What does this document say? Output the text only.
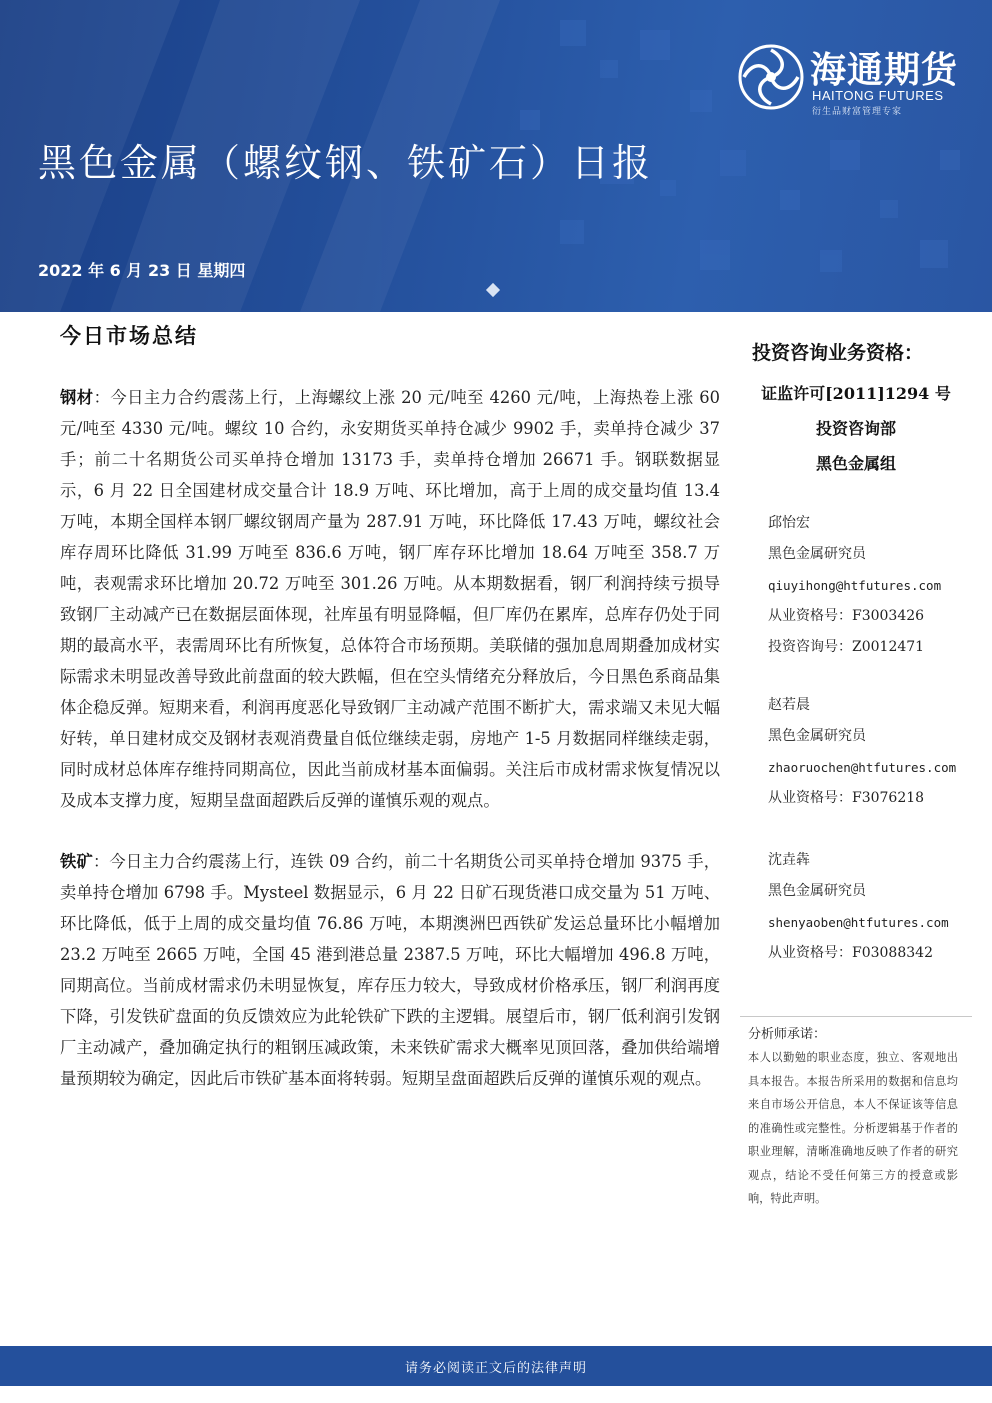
海通期货
HAITONG FUTURES
衍生品财富管理专家
黑色金属（螺纹钢、铁矿石）日报
2022 年 6 月 23 日 星期四
今日市场总结

钢材：今日主力合约震荡上行，上海螺纹上涨 20 元/吨至 4260 元/吨，上海热卷上涨 60 元/吨至 4330 元/吨。螺纹 10 合约，永安期货买单持仓减少 9902 手，卖单持仓减少 37 手；前二十名期货公司买单持仓增加 13173 手，卖单持仓增加 26671 手。钢联数据显示，6 月 22 日全国建材成交量合计 18.9 万吨、环比增加，高于上周的成交量均值 13.4 万吨，本期全国样本钢厂螺纹钢周产量为 287.91 万吨，环比降低 17.43 万吨，螺纹社会库存周环比降低 31.99 万吨至 836.6 万吨，钢厂库存环比增加 18.64 万吨至 358.7 万吨，表观需求环比增加 20.72 万吨至 301.26 万吨。从本期数据看，钢厂利润持续亏损导致钢厂主动减产已在数据层面体现，社库虽有明显降幅，但厂库仍在累库，总库存仍处于同期的最高水平，表需周环比有所恢复，总体符合市场预期。美联储的强加息周期叠加成材实际需求未明显改善导致此前盘面的较大跌幅，但在空头情绪充分释放后，今日黑色系商品集体企稳反弹。短期来看，利润再度恶化导致钢厂主动减产范围不断扩大，需求端又未见大幅好转，单日建材成交及钢材表观消费量自低位继续走弱，房地产 1-5 月数据同样继续走弱，同时成材总体库存维持同期高位，因此当前成材基本面偏弱。关注后市成材需求恢复情况以及成本支撑力度，短期呈盘面超跌后反弹的谨慎乐观的观点。

铁矿：今日主力合约震荡上行，连铁 09 合约，前二十名期货公司买单持仓增加 9375 手，卖单持仓增加 6798 手。Mysteel 数据显示，6 月 22 日矿石现货港口成交量为 51 万吨、环比降低，低于上周的成交量均值 76.86 万吨，本期澳洲巴西铁矿发运总量环比小幅增加 23.2 万吨至 2665 万吨，全国 45 港到港总量 2387.5 万吨，环比大幅增加 496.8 万吨，同期高位。当前成材需求仍未明显恢复，库存压力较大，导致成材价格承压，钢厂利润再度下降，引发铁矿盘面的负反馈效应为此轮铁矿下跌的主逻辑。展望后市，钢厂低利润引发钢厂主动减产，叠加确定执行的粗钢压减政策，未来铁矿需求大概率见顶回落，叠加供给端增量预期较为确定，因此后市铁矿基本面将转弱。短期呈盘面超跌后反弹的谨慎乐观的观点。

投资咨询业务资格：
证监许可[2011]1294 号
投资咨询部
黑色金属组
邱怡宏
黑色金属研究员
qiuyihong@htfutures.com
从业资格号：F3003426
投资咨询号：Z0012471
赵若晨
黑色金属研究员
zhaoruochen@htfutures.com
从业资格号：F3076218
沈垚犇
黑色金属研究员
shenyaoben@htfutures.com
从业资格号：F03088342
分析师承诺：
本人以勤勉的职业态度，独立、客观地出具本报告。本报告所采用的数据和信息均来自市场公开信息，本人不保证该等信息的准确性或完整性。分析逻辑基于作者的职业理解，清晰准确地反映了作者的研究观点，结论不受任何第三方的授意或影响，特此声明。
请务必阅读正文后的法律声明
